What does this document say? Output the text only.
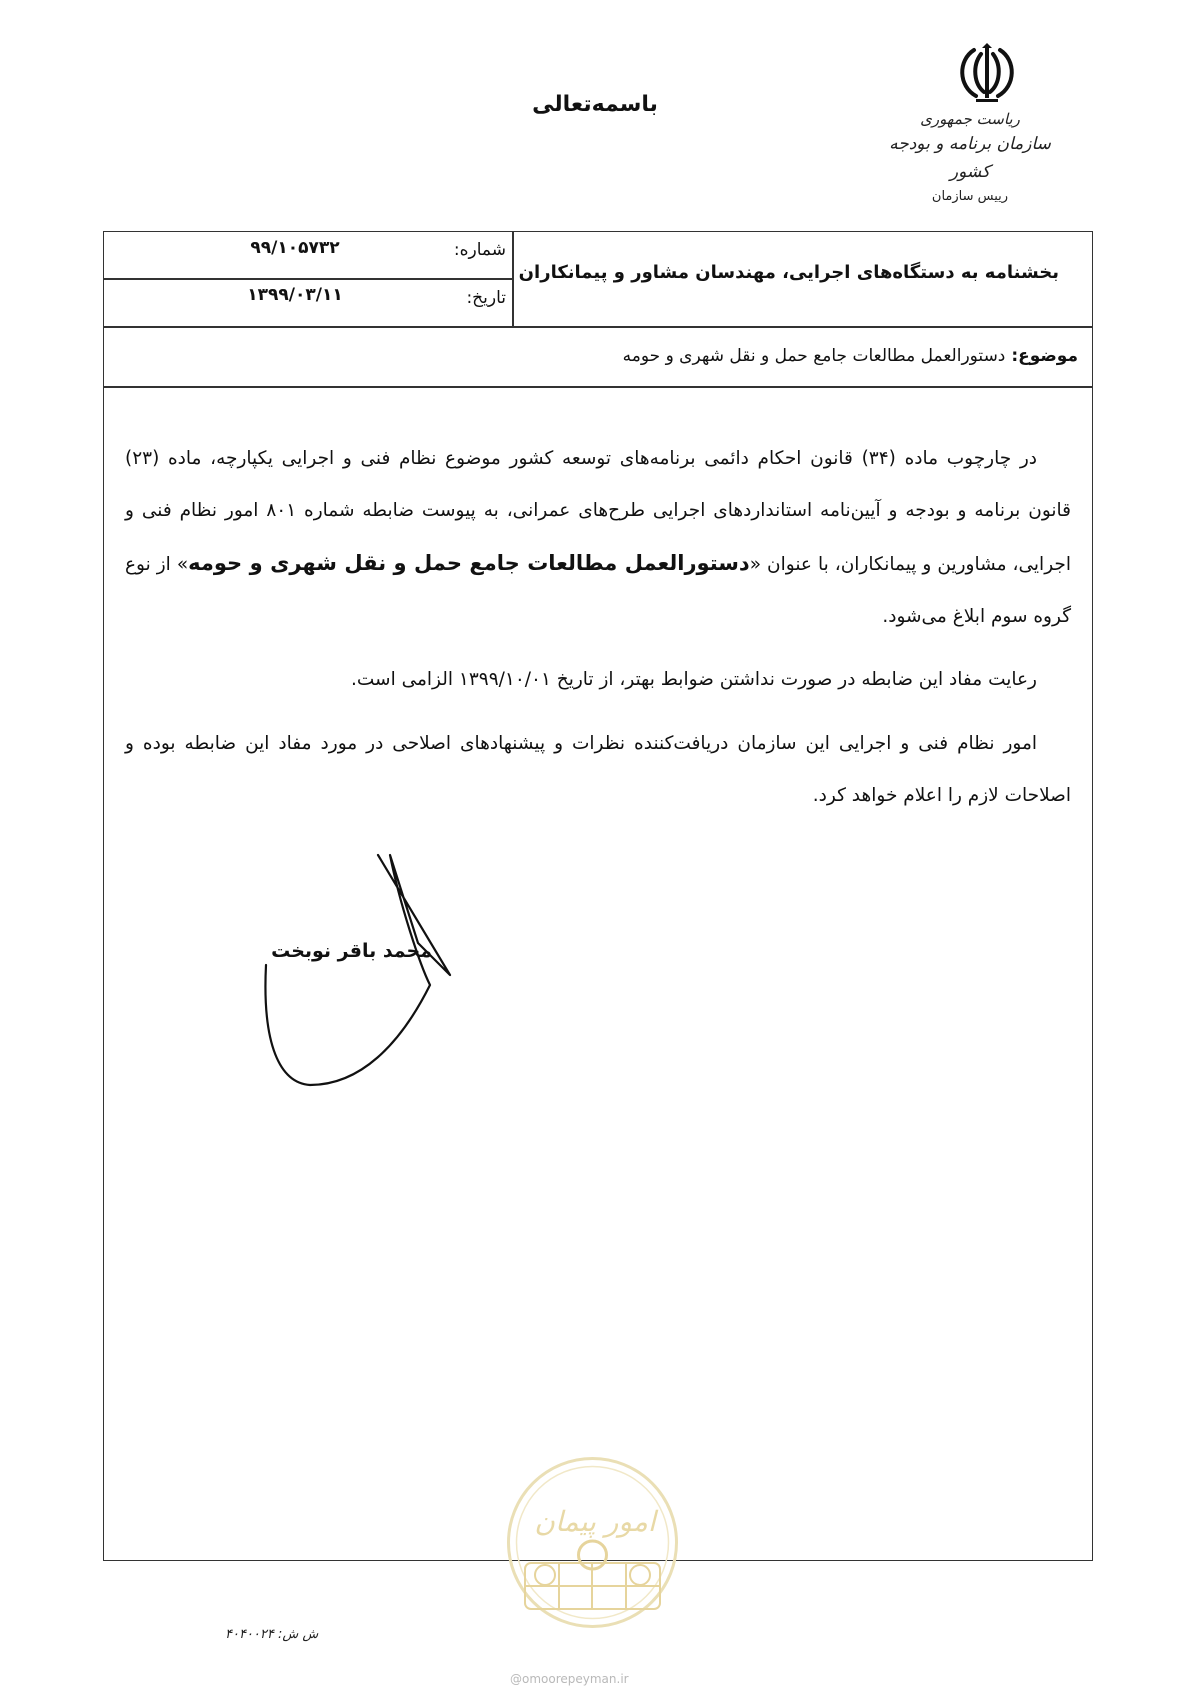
باسمه‌تعالی
ریاست جمهوری
سازمان برنامه و بودجه کشور
رییس سازمان
بخشنامه به دستگاه‌های اجرایی، مهندسان مشاور و پیمانکاران
شماره:
۹۹/۱۰۵۷۳۲
تاریخ:
۱۳۹۹/۰۳/۱۱
موضوع: دستورالعمل مطالعات جامع حمل و نقل شهری و حومه
در چارچوب ماده (۳۴) قانون احکام دائمی برنامه‌های توسعه کشور موضوع نظام فنی و اجرایی یکپارچه، ماده (۲۳) قانون برنامه و بودجه و آیین‌نامه استانداردهای اجرایی طرح‌های عمرانی، به پیوست ضابطه شماره ۸۰۱ امور نظام فنی و اجرایی، مشاورین و پیمانکاران، با عنوان «دستورالعمل مطالعات جامع حمل و نقل شهری و حومه» از نوع گروه سوم ابلاغ می‌شود.
رعایت مفاد این ضابطه در صورت نداشتن ضوابط بهتر، از تاریخ ۱۳۹۹/۱۰/۰۱ الزامی است.
امور نظام فنی و اجرایی این سازمان دریافت‌کننده نظرات و پیشنهادهای اصلاحی در مورد مفاد این ضابطه بوده و اصلاحات لازم را اعلام خواهد کرد.
محمد باقر نوبخت
امور پیمان
ش ش: ۴۰۴۰۰۲۴
@omoorepeyman.ir
